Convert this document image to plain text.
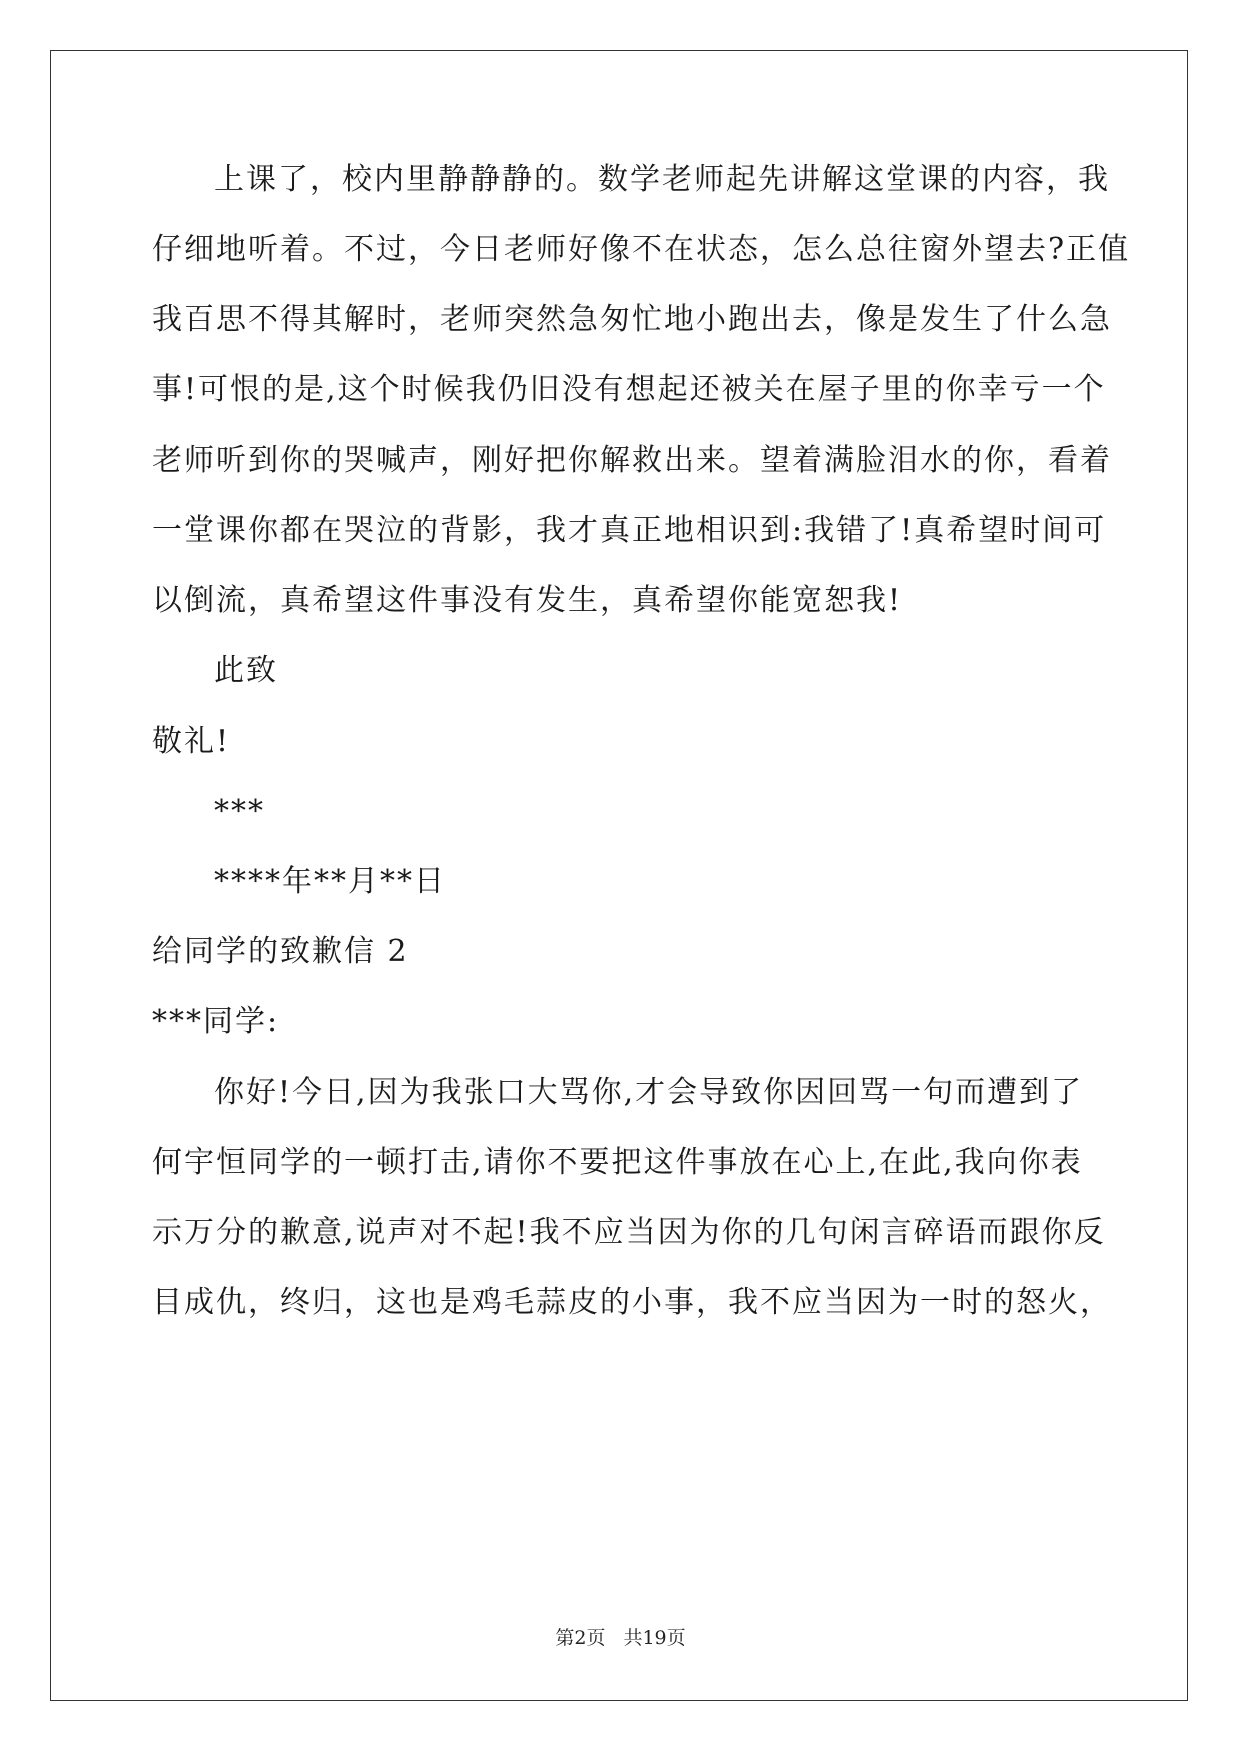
上课了，校内里静静静的。数学老师起先讲解这堂课的内容，我
仔细地听着。不过，今日老师好像不在状态，怎么总往窗外望去?正值
我百思不得其解时，老师突然急匆忙地小跑出去，像是发生了什么急
事!可恨的是,这个时候我仍旧没有想起还被关在屋子里的你幸亏一个
老师听到你的哭喊声，刚好把你解救出来。望着满脸泪水的你，看着
一堂课你都在哭泣的背影，我才真正地相识到:我错了!真希望时间可
以倒流，真希望这件事没有发生，真希望你能宽恕我!
此致
敬礼!
***
****年**月**日
给同学的致歉信 2
***同学:
你好!今日,因为我张口大骂你,才会导致你因回骂一句而遭到了
何宇恒同学的一顿打击,请你不要把这件事放在心上,在此,我向你表
示万分的歉意,说声对不起!我不应当因为你的几句闲言碎语而跟你反
目成仇，终归，这也是鸡毛蒜皮的小事，我不应当因为一时的怒火，
第2页 共19页
